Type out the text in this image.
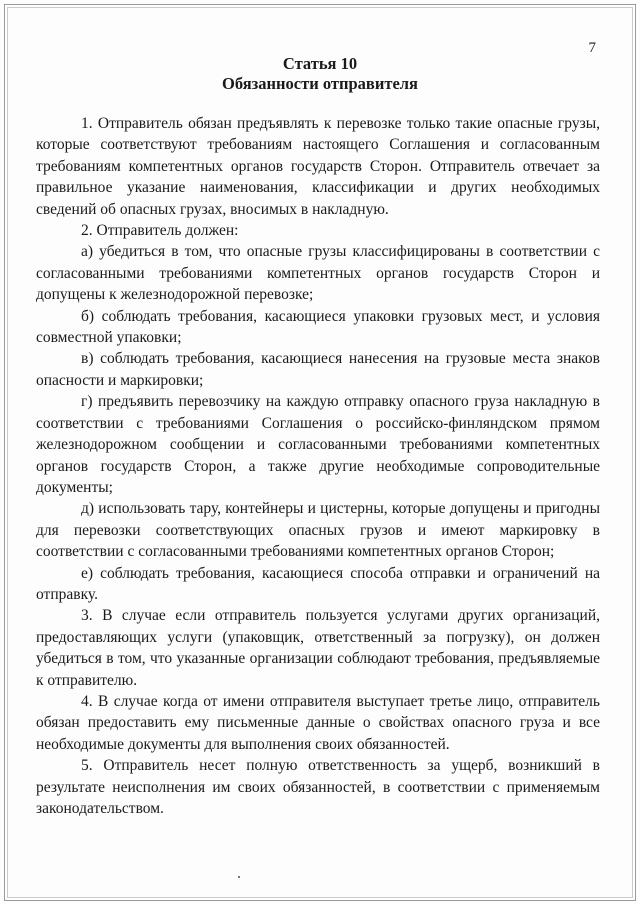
7
Статья 10
Обязанности отправителя

1. Отправитель обязан предъявлять к перевозке только такие опасные грузы, которые соответствуют требованиям настоящего Соглашения и согласованным требованиям компетентных органов государств Сторон. Отправитель отвечает за правильное указание наименования, классификации и других необходимых сведений об опасных грузах, вносимых в накладную.

2. Отправитель должен:

а) убедиться в том, что опасные грузы классифицированы в соответствии с согласованными требованиями компетентных органов государств Сторон и допущены к железнодорожной перевозке;

б) соблюдать требования, касающиеся упаковки грузовых мест, и условия совместной упаковки;

в) соблюдать требования, касающиеся нанесения на грузовые места знаков опасности и маркировки;

г) предъявить перевозчику на каждую отправку опасного груза накладную в соответствии с требованиями Соглашения о российско-финляндском прямом железнодорожном сообщении и согласованными требованиями компетентных органов государств Сторон, а также другие необходимые сопроводительные документы;

д) использовать тару, контейнеры и цистерны, которые допущены и пригодны для перевозки соответствующих опасных грузов и имеют маркировку в соответствии с согласованными требованиями компетентных органов Сторон;

е) соблюдать требования, касающиеся способа отправки и ограничений на отправку.

3. В случае если отправитель пользуется услугами других организаций, предоставляющих услуги (упаковщик, ответственный за погрузку), он должен убедиться в том, что указанные организации соблюдают требования, предъявляемые к отправителю.

4. В случае когда от имени отправителя выступает третье лицо, отправитель обязан предоставить ему письменные данные о свойствах опасного груза и все необходимые документы для выполнения своих обязанностей.

5. Отправитель несет полную ответственность за ущерб, возникший в результате неисполнения им своих обязанностей, в соответствии с применяемым законодательством.
